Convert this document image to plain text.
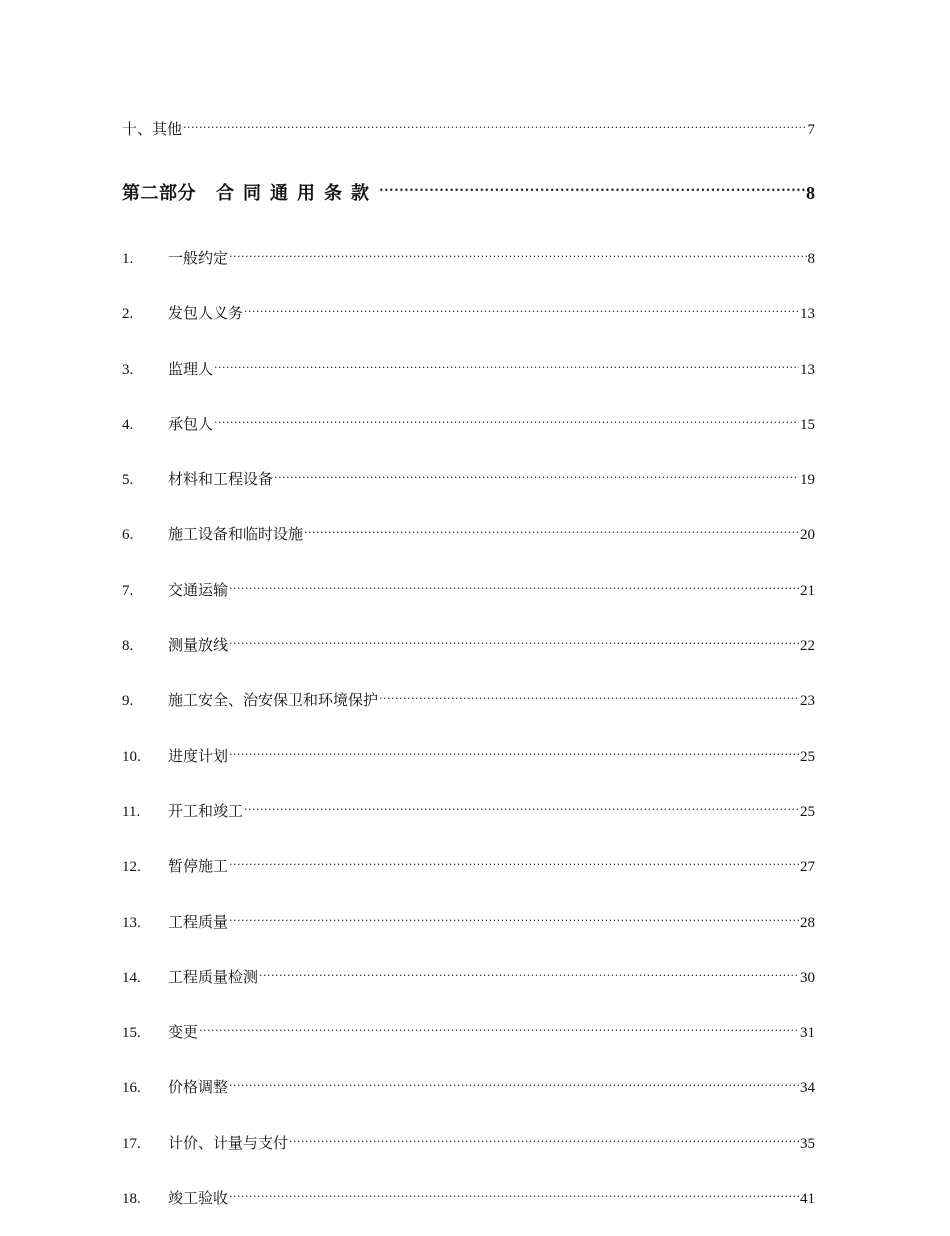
十、其他 .....	7
第二部分 合同通用条款 .....	8
1.	一般约定 .....	8
2.	发包人义务 .....	13
3.	监理人 .....	13
4.	承包人 .....	15
5.	材料和工程设备 .....	19
6.	施工设备和临时设施 .....	20
7.	交通运输 .....	21
8.	测量放线 .....	22
9.	施工安全、治安保卫和环境保护 .....	23
10.	进度计划 .....	25
11.	开工和竣工 .....	25
12.	暂停施工 .....	27
13.	工程质量 .....	28
14.	工程质量检测 .....	30
15.	变更 .....	31
16.	价格调整 .....	34
17.	计价、计量与支付 .....	35
18.	竣工验收 .....	41
